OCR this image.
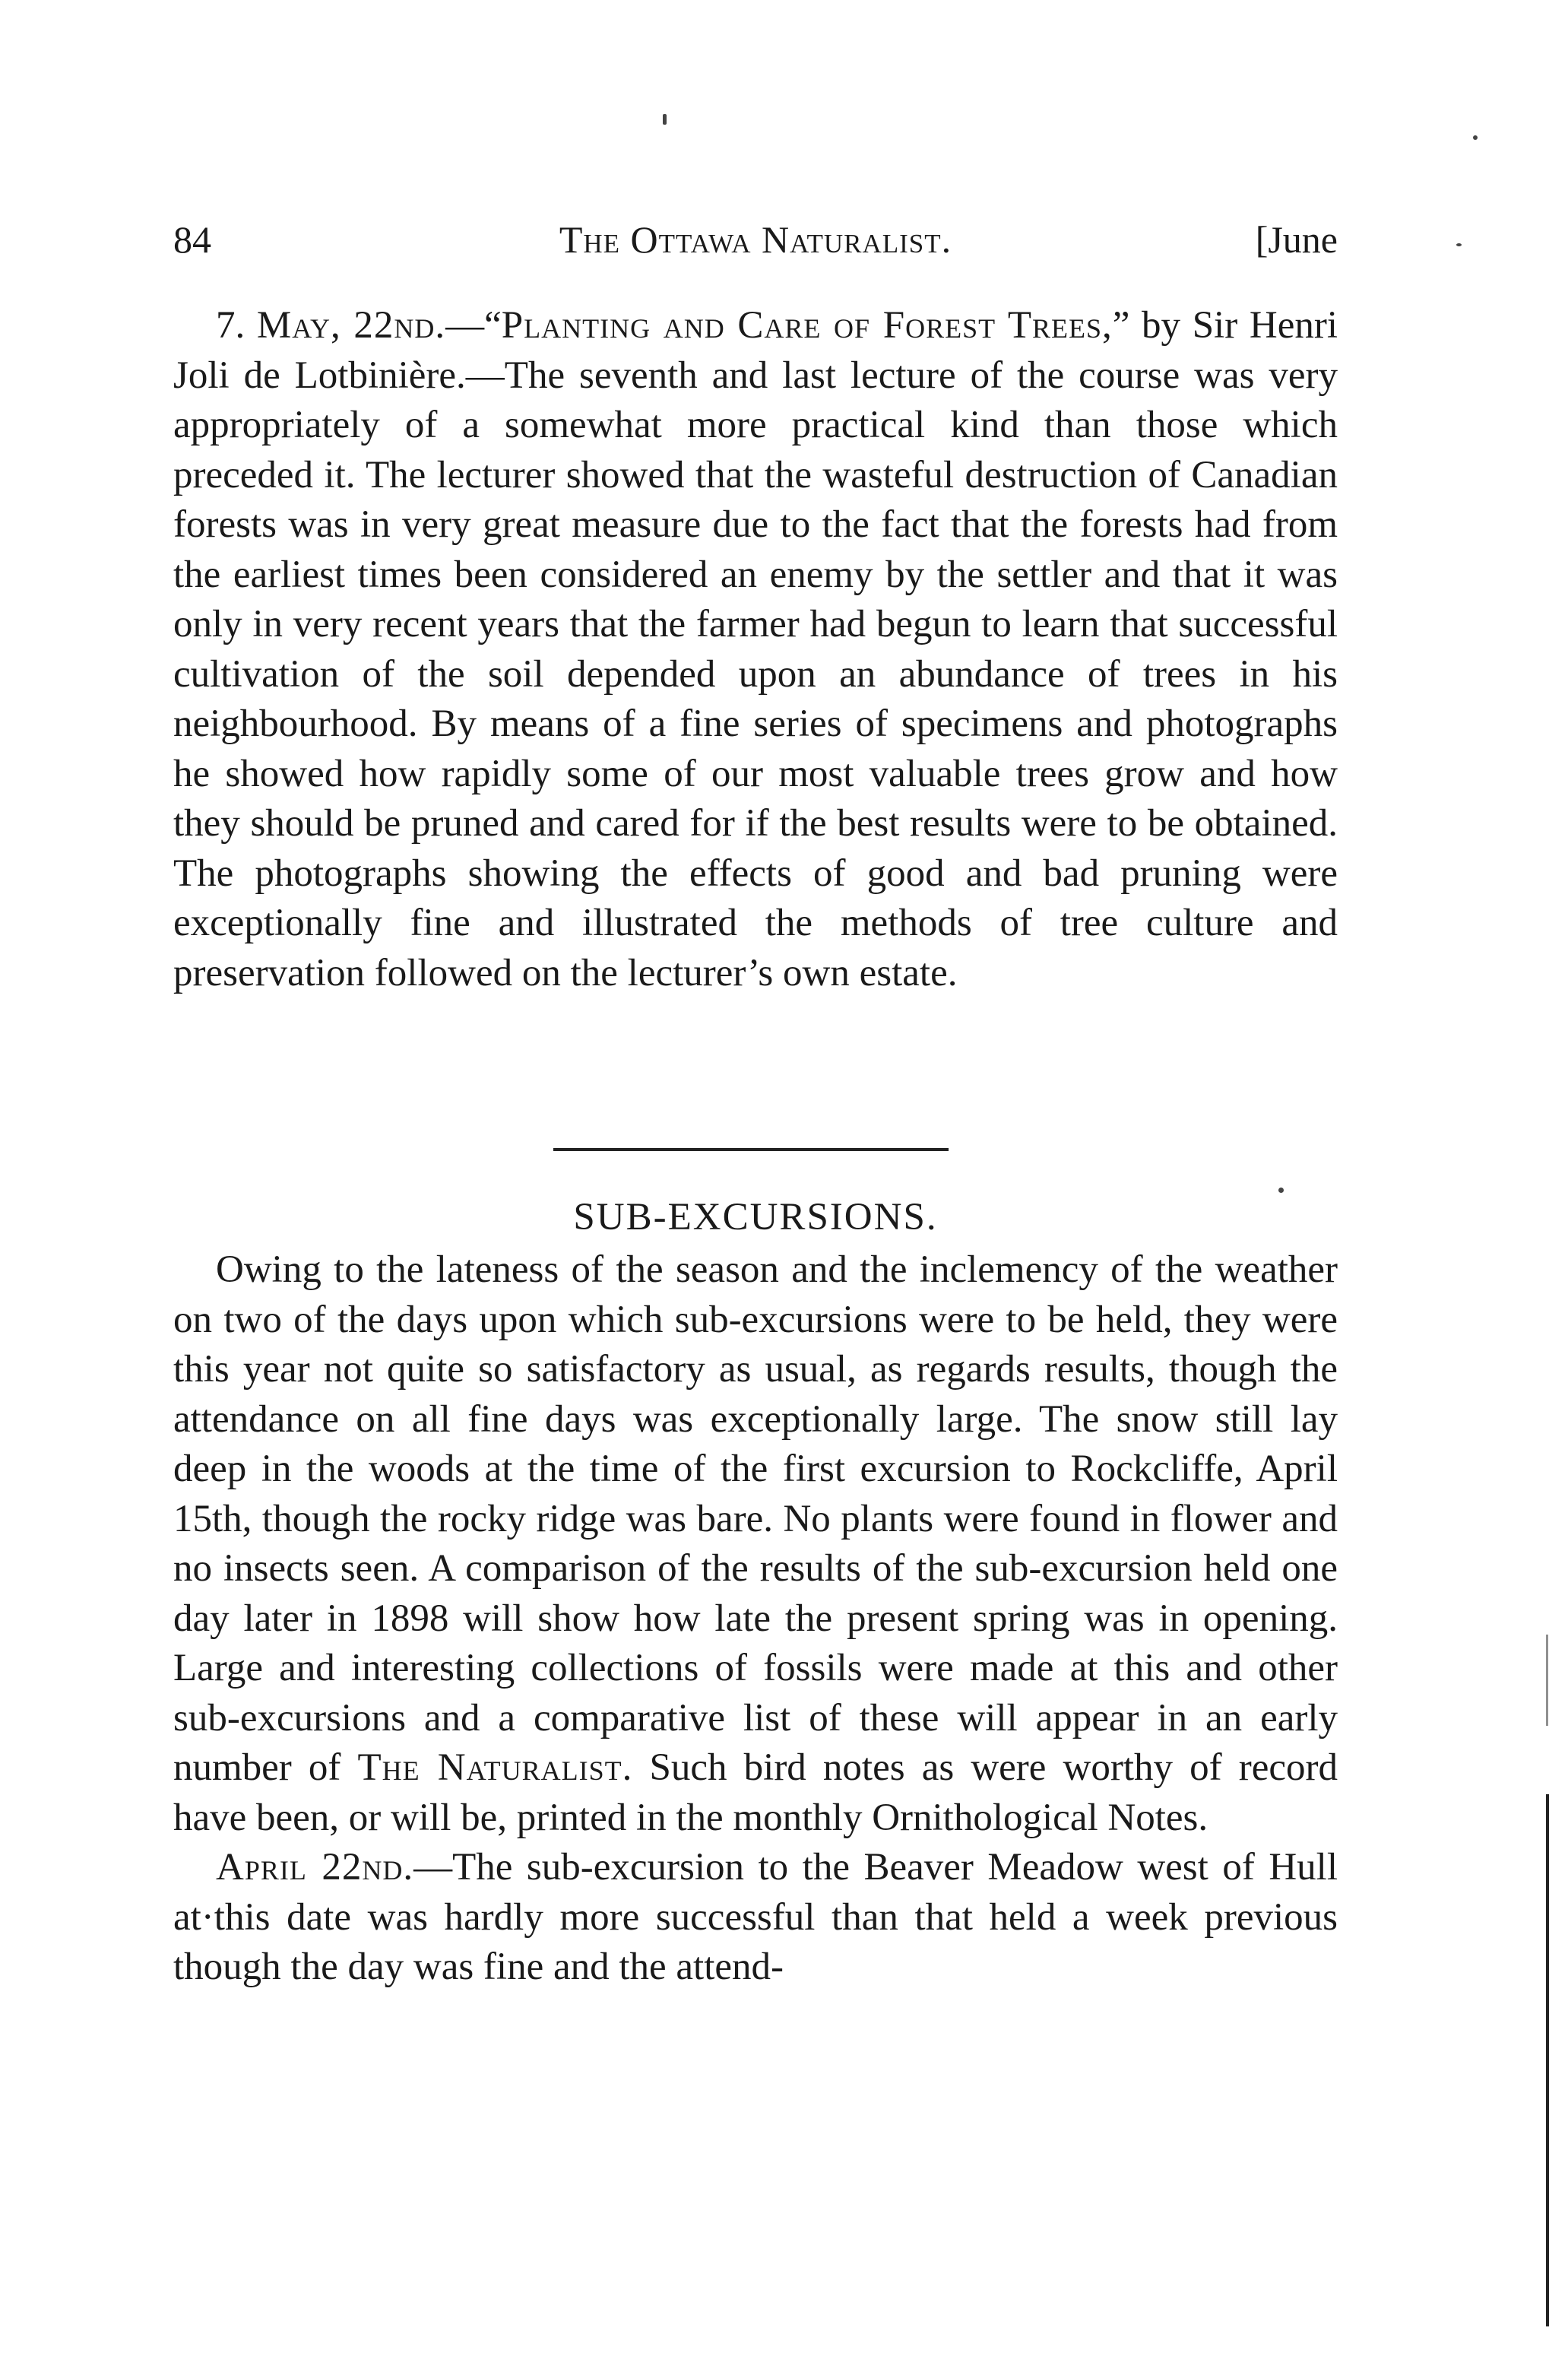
84	The Ottawa Naturalist.	[June

7. May, 22nd.—“Planting and Care of Forest Trees,” by Sir Henri Joli de Lotbinière.—The seventh and last lecture of the course was very appropriately of a somewhat more practical kind than those which preceded it. The lecturer showed that the wasteful destruction of Canadian forests was in very great measure due to the fact that the forests had from the earliest times been considered an enemy by the settler and that it was only in very recent years that the farmer had begun to learn that successful cultivation of the soil depended upon an abundance of trees in his neighbourhood. By means of a fine series of specimens and photographs he showed how rapidly some of our most valuable trees grow and how they should be pruned and cared for if the best results were to be obtained. The photographs showing the effects of good and bad pruning were exceptionally fine and illustrated the methods of tree culture and preservation followed on the lecturer’s own estate.

SUB-EXCURSIONS.

Owing to the lateness of the season and the inclemency of the weather on two of the days upon which sub-excursions were to be held, they were this year not quite so satisfactory as usual, as regards results, though the attendance on all fine days was exceptionally large. The snow still lay deep in the woods at the time of the first excursion to Rockcliffe, April 15th, though the rocky ridge was bare. No plants were found in flower and no insects seen. A comparison of the results of the sub-excursion held one day later in 1898 will show how late the present spring was in opening. Large and interesting collections of fossils were made at this and other sub-excursions and a comparative list of these will appear in an early number of The Naturalist. Such bird notes as were worthy of record have been, or will be, printed in the monthly Ornithological Notes.

April 22nd.—The sub-excursion to the Beaver Meadow west of Hull at·this date was hardly more successful than that held a week previous though the day was fine and the attend-
